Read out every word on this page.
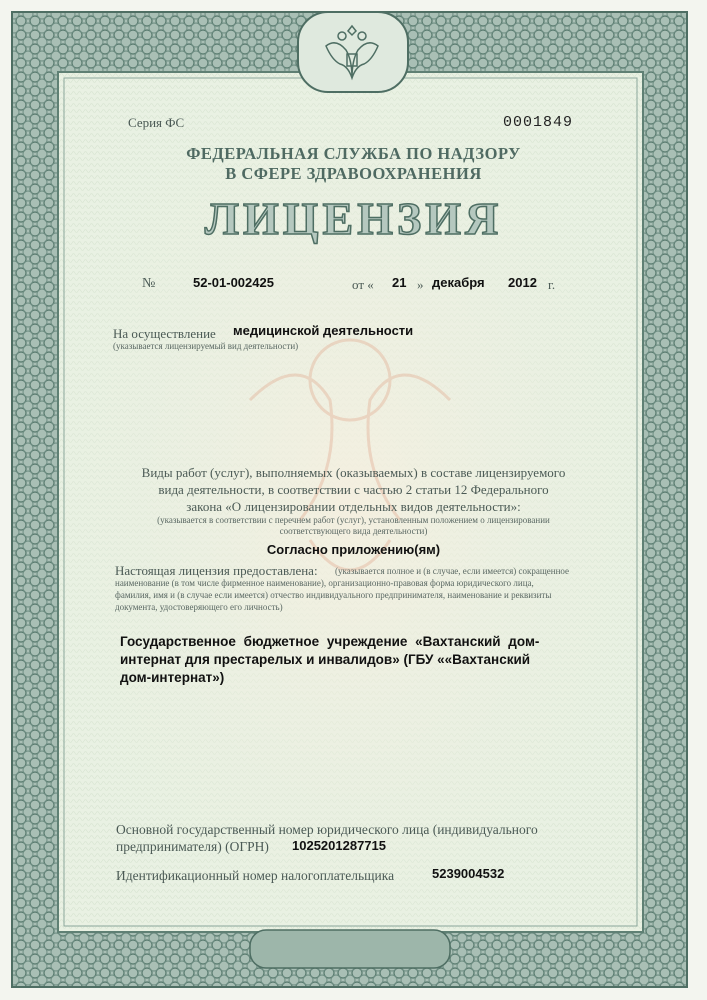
Серия ФС	0001849
ФЕДЕРАЛЬНАЯ СЛУЖБА ПО НАДЗОРУ
В СФЕРЕ ЗДРАВООХРАНЕНИЯ
ЛИЦЕНЗИЯ
№	52-01-002425	от « 21 » декабря 2012 г.
На осуществление медицинской деятельности
(указывается лицензируемый вид деятельности)
Виды работ (услуг), выполняемых (оказываемых) в составе лицензируемого
вида деятельности, в соответствии с частью 2 статьи 12 Федерального
закона «О лицензировании отдельных видов деятельности»:
(указывается в соответствии с перечнем работ (услуг), установленным положением о лицензировании
соответствующего вида деятельности)
Согласно приложению(ям)
Настоящая лицензия предоставлена: (указывается полное и (в случае, если имеется) сокращенное
наименование (в том числе фирменное наименование), организационно-правовая форма юридического лица,
фамилия, имя и (в случае если имеется) отчество индивидуального предпринимателя, наименование и реквизиты
документа, удостоверяющего его личность)
Государственное бюджетное учреждение «Вахтанский дом-
интернат для престарелых и инвалидов» (ГБУ ««Вахтанский
дом-интернат»)
Основной государственный номер юридического лица (индивидуального
предпринимателя) (ОГРН) 1025201287715
Идентификационный номер налогоплательщика	5239004532
